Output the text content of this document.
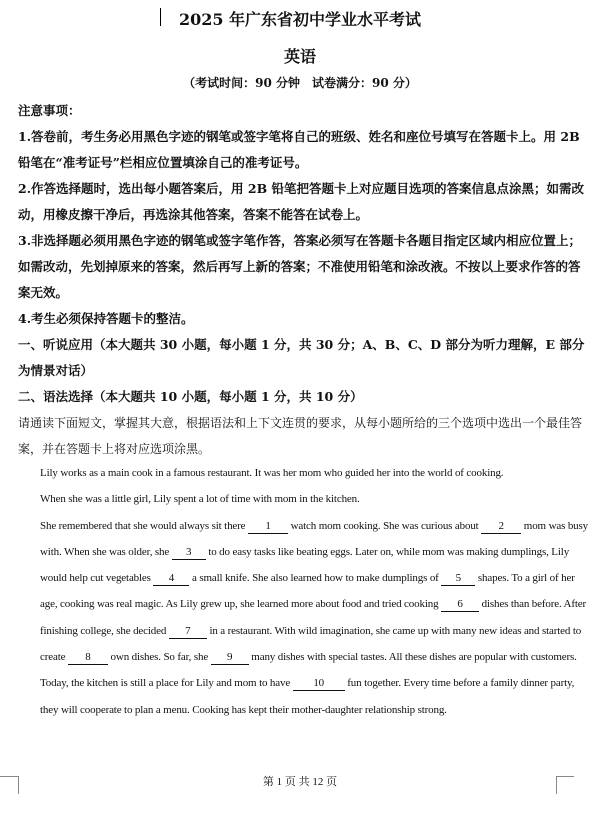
2025 年广东省初中学业水平考试
英语
（考试时间：90 分钟　试卷满分：90 分）

注意事项：

1.答卷前，考生务必用黑色字迹的钢笔或签字笔将自己的班级、姓名和座位号填写在答题卡上。用 2B 铅笔在“准考证号”栏相应位置填涂自己的准考证号。

2.作答选择题时，选出每小题答案后，用 2B 铅笔把答题卡上对应题目选项的答案信息点涂黑；如需改动，用橡皮擦干净后，再选涂其他答案，答案不能答在试卷上。

3.非选择题必须用黑色字迹的钢笔或签字笔作答，答案必须写在答题卡各题目指定区域内相应位置上；如需改动，先划掉原来的答案，然后再写上新的答案；不准使用铅笔和涂改液。不按以上要求作答的答案无效。

4.考生必须保持答题卡的整洁。

一、听说应用（本大题共 30 小题，每小题 1 分，共 30 分；A、B、C、D 部分为听力理解，E 部分为情景对话）

二、语法选择（本大题共 10 小题，每小题 1 分，共 10 分）

请通读下面短文，掌握其大意，根据语法和上下文连贯的要求，从每小题所给的三个选项中选出一个最佳答案，并在答题卡上将对应选项涂黑。

Lily works as a main cook in a famous restaurant. It was her mom who guided her into the world of cooking.

When she was a little girl, Lily spent a lot of time with mom in the kitchen.

She remembered that she would always sit there 1 watch mom cooking. She was curious about 2 mom was busy with. When she was older, she 3 to do easy tasks like beating eggs. Later on, while mom was making dumplings, Lily would help cut vegetables 4 a small knife. She also learned how to make dumplings of 5 shapes. To a girl of her age, cooking was real magic. As Lily grew up, she learned more about food and tried cooking 6 dishes than before. After finishing college, she decided 7 in a restaurant. With wild imagination, she came up with many new ideas and started to create 8 own dishes. So far, she 9 many dishes with special tastes. All these dishes are popular with customers.

Today, the kitchen is still a place for Lily and mom to have 10 fun together. Every time before a family dinner party, they will cooperate to plan a menu. Cooking has kept their mother-daughter relationship strong.

第 1 页 共 12 页
